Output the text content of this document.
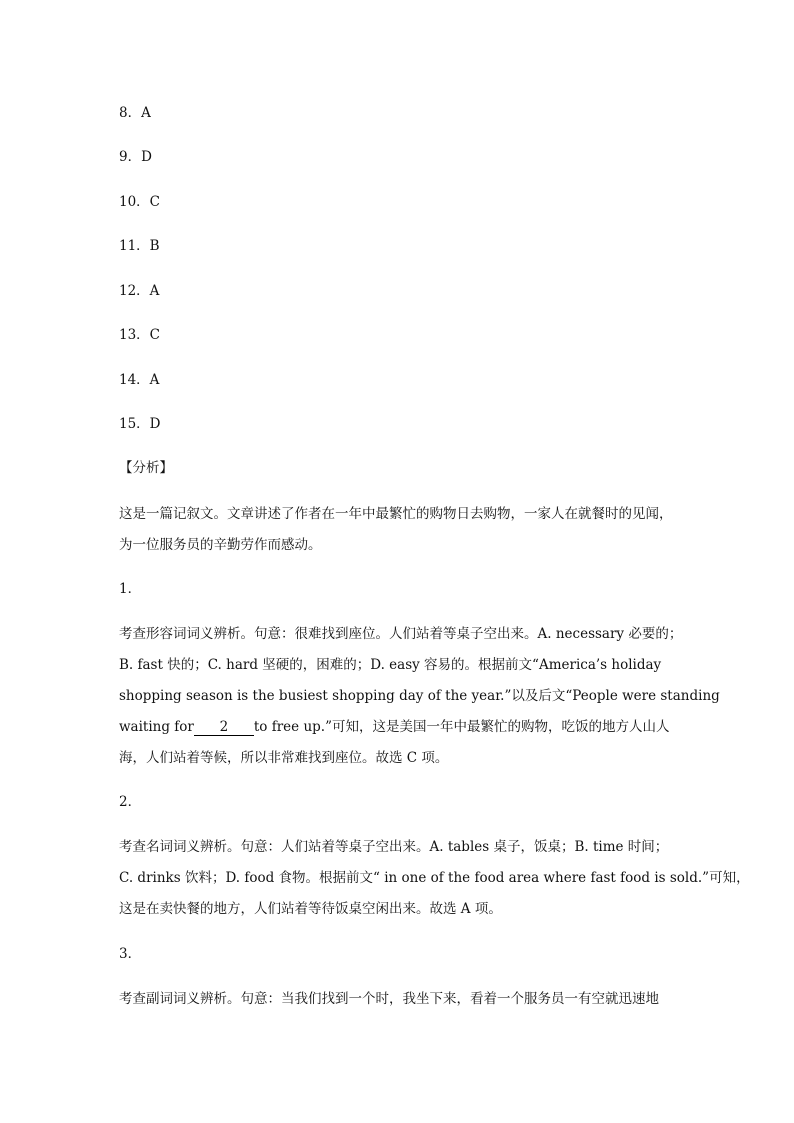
8．A
9．D
10．C
11．B
12．A
13．C
14．A
15．D
【分析】
这是一篇记叙文。文章讲述了作者在一年中最繁忙的购物日去购物，一家人在就餐时的见闻，
为一位服务员的辛勤劳作而感动。
1．
考查形容词词义辨析。句意：很难找到座位。人们站着等桌子空出来。A. necessary 必要的；
B. fast 快的；C. hard 坚硬的，困难的；D. easy 容易的。根据前文“America’s holiday
shopping season is the busiest shopping day of the year.”以及后文“People were standing
waiting for 2 to free up.”可知，这是美国一年中最繁忙的购物，吃饭的地方人山人
海，人们站着等候，所以非常难找到座位。故选 C 项。
2．
考查名词词义辨析。句意：人们站着等桌子空出来。A. tables 桌子，饭桌；B. time 时间；
C. drinks 饮料；D. food 食物。根据前文“ in one of the food area where fast food is sold.”可知，
这是在卖快餐的地方，人们站着等待饭桌空闲出来。故选 A 项。
3．
考查副词词义辨析。句意：当我们找到一个时，我坐下来，看着一个服务员一有空就迅速地
